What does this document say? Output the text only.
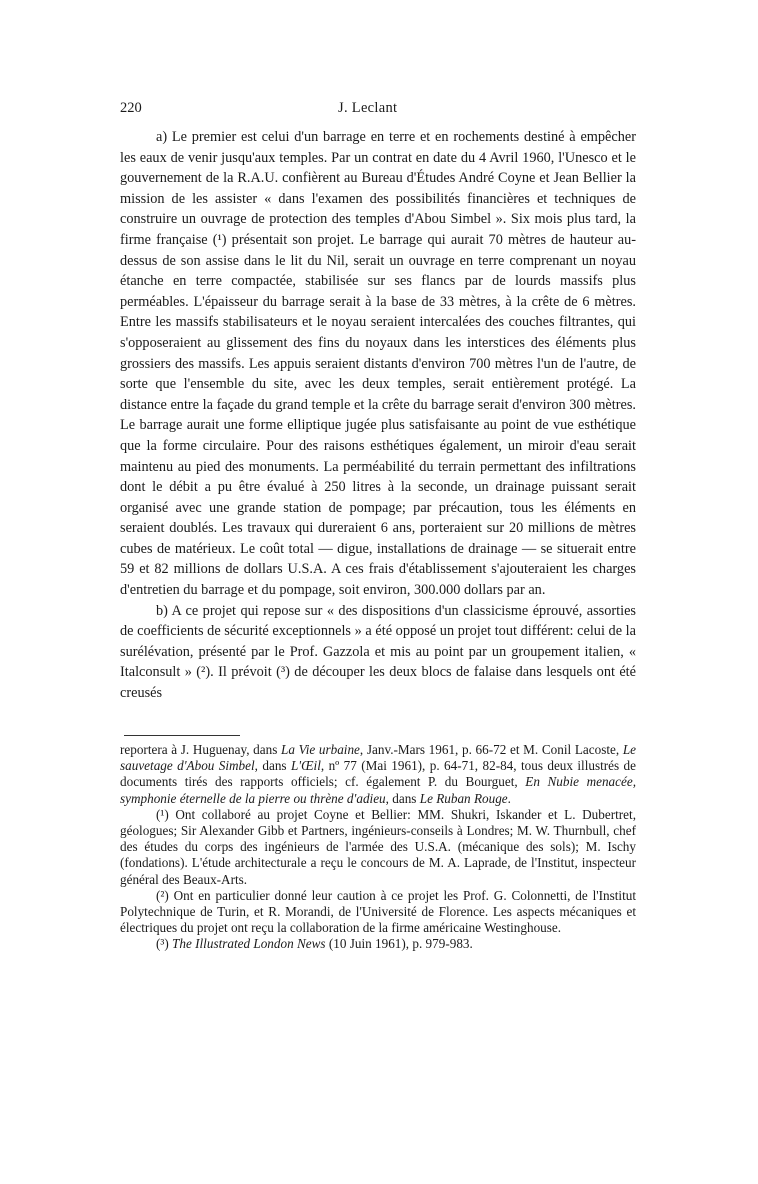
220	J. Leclant

a) Le premier est celui d'un barrage en terre et en rochements destiné à empêcher les eaux de venir jusqu'aux temples. Par un contrat en date du 4 Avril 1960, l'Unesco et le gouvernement de la R.A.U. confièrent au Bureau d'Études André Coyne et Jean Bellier la mission de les assister « dans l'examen des possibilités financières et techniques de construire un ouvrage de protection des temples d'Abou Simbel ». Six mois plus tard, la firme française (¹) présentait son projet. Le barrage qui aurait 70 mètres de hauteur au-dessus de son assise dans le lit du Nil, serait un ouvrage en terre comprenant un noyau étanche en terre compactée, stabilisée sur ses flancs par de lourds massifs plus perméables. L'épaisseur du barrage serait à la base de 33 mètres, à la crête de 6 mètres. Entre les massifs stabilisateurs et le noyau seraient intercalées des couches filtrantes, qui s'opposeraient au glissement des fins du noyaux dans les interstices des éléments plus grossiers des massifs. Les appuis seraient distants d'environ 700 mètres l'un de l'autre, de sorte que l'ensemble du site, avec les deux temples, serait entièrement protégé. La distance entre la façade du grand temple et la crête du barrage serait d'environ 300 mètres. Le barrage aurait une forme elliptique jugée plus satisfaisante au point de vue esthétique que la forme circulaire. Pour des raisons esthétiques également, un miroir d'eau serait maintenu au pied des monuments. La perméabilité du terrain permettant des infiltrations dont le débit a pu être évalué à 250 litres à la seconde, un drainage puissant serait organisé avec une grande station de pompage; par précaution, tous les éléments en seraient doublés. Les travaux qui dureraient 6 ans, porteraient sur 20 millions de mètres cubes de matérieux. Le coût total — digue, installations de drainage — se situerait entre 59 et 82 millions de dollars U.S.A. A ces frais d'établissement s'ajouteraient les charges d'entretien du barrage et du pompage, soit environ, 300.000 dollars par an.

b) A ce projet qui repose sur « des dispositions d'un classicisme éprouvé, assorties de coefficients de sécurité exceptionnels » a été opposé un projet tout différent: celui de la surélévation, présenté par le Prof. Gazzola et mis au point par un groupement italien, « Italconsult » (²). Il prévoit (³) de découper les deux blocs de falaise dans lesquels ont été creusés

reportera à J. Huguenay, dans La Vie urbaine, Janv.-Mars 1961, p. 66-72 et M. Conil Lacoste, Le sauvetage d'Abou Simbel, dans L'Œil, nº 77 (Mai 1961), p. 64-71, 82-84, tous deux illustrés de documents tirés des rapports officiels; cf. également P. du Bourguet, En Nubie menacée, symphonie éternelle de la pierre ou thrène d'adieu, dans Le Ruban Rouge.

(¹) Ont collaboré au projet Coyne et Bellier: MM. Shukri, Iskander et L. Dubertret, géologues; Sir Alexander Gibb et Partners, ingénieurs-conseils à Londres; M. W. Thurnbull, chef des études du corps des ingénieurs de l'armée des U.S.A. (mécanique des sols); M. Ischy (fondations). L'étude architecturale a reçu le concours de M. A. Laprade, de l'Institut, inspecteur général des Beaux-Arts.

(²) Ont en particulier donné leur caution à ce projet les Prof. G. Colonnetti, de l'Institut Polytechnique de Turin, et R. Morandi, de l'Université de Florence. Les aspects mécaniques et électriques du projet ont reçu la collaboration de la firme américaine Westinghouse.

(³) The Illustrated London News (10 Juin 1961), p. 979-983.
